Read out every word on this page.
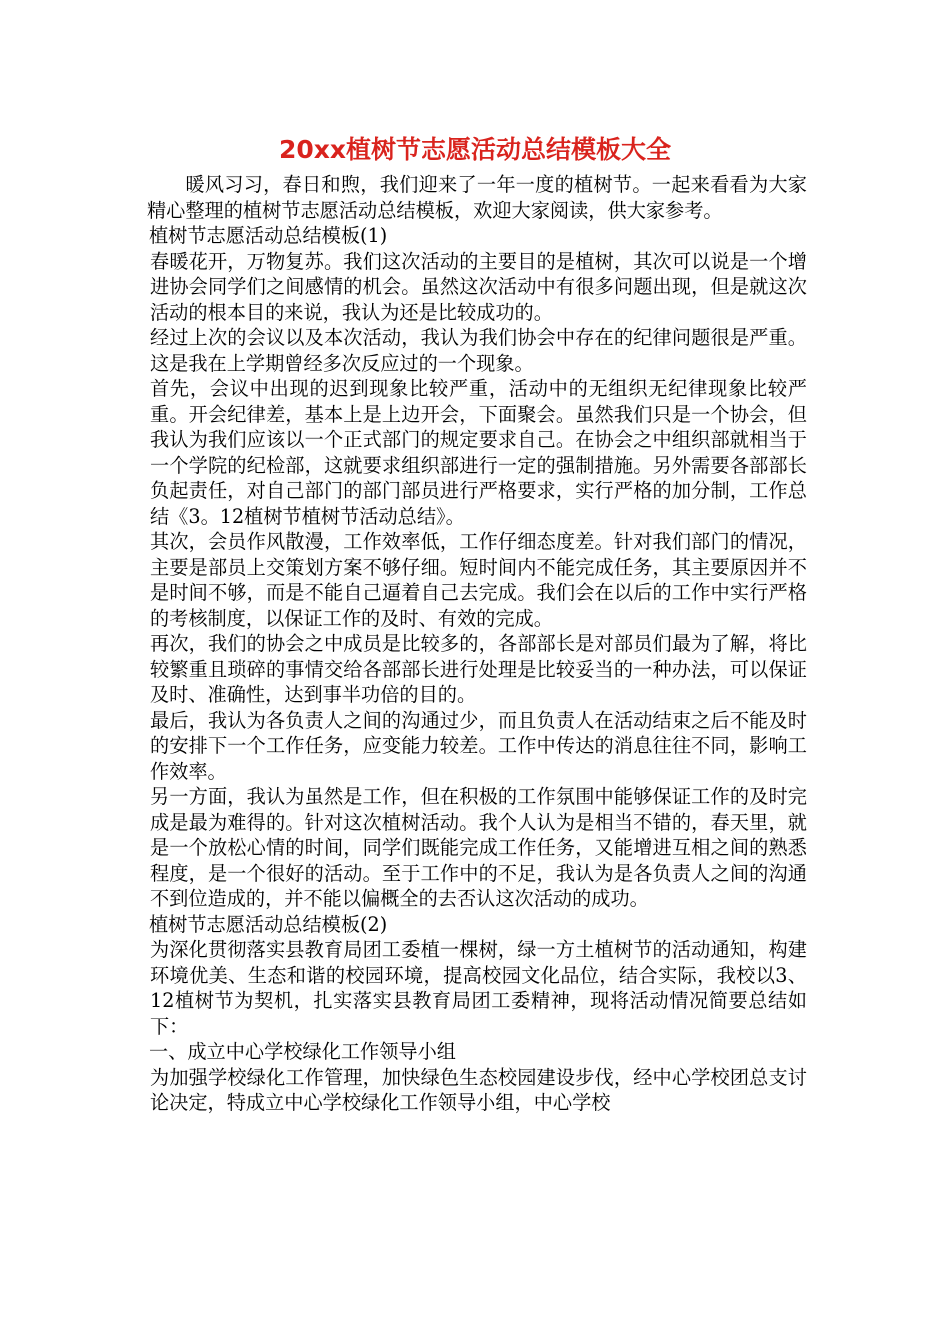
20xx植树节志愿活动总结模板大全

暖风习习，春日和煦，我们迎来了一年一度的植树节。一起来看看为大家精心整理的植树节志愿活动总结模板，欢迎大家阅读，供大家参考。

植树节志愿活动总结模板(1)

春暖花开，万物复苏。我们这次活动的主要目的是植树，其次可以说是一个增进协会同学们之间感情的机会。虽然这次活动中有很多问题出现，但是就这次活动的根本目的来说，我认为还是比较成功的。

经过上次的会议以及本次活动，我认为我们协会中存在的纪律问题很是严重。这是我在上学期曾经多次反应过的一个现象。

首先，会议中出现的迟到现象比较严重，活动中的无组织无纪律现象比较严重。开会纪律差，基本上是上边开会，下面聚会。虽然我们只是一个协会，但我认为我们应该以一个正式部门的规定要求自己。在协会之中组织部就相当于一个学院的纪检部，这就要求组织部进行一定的强制措施。另外需要各部部长负起责任，对自己部门的部门部员进行严格要求，实行严格的加分制，工作总结《3。12植树节植树节活动总结》。

其次，会员作风散漫，工作效率低，工作仔细态度差。针对我们部门的情况，主要是部员上交策划方案不够仔细。短时间内不能完成任务，其主要原因并不是时间不够，而是不能自己逼着自己去完成。我们会在以后的工作中实行严格的考核制度，以保证工作的及时、有效的完成。

再次，我们的协会之中成员是比较多的，各部部长是对部员们最为了解，将比较繁重且琐碎的事情交给各部部长进行处理是比较妥当的一种办法，可以保证及时、准确性，达到事半功倍的目的。

最后，我认为各负责人之间的沟通过少，而且负责人在活动结束之后不能及时的安排下一个工作任务，应变能力较差。工作中传达的消息往往不同，影响工作效率。

另一方面，我认为虽然是工作，但在积极的工作氛围中能够保证工作的及时完成是最为难得的。针对这次植树活动。我个人认为是相当不错的，春天里，就是一个放松心情的时间，同学们既能完成工作任务，又能增进互相之间的熟悉程度，是一个很好的活动。至于工作中的不足，我认为是各负责人之间的沟通不到位造成的，并不能以偏概全的去否认这次活动的成功。

植树节志愿活动总结模板(2)

为深化贯彻落实县教育局团工委植一棵树，绿一方土植树节的活动通知，构建环境优美、生态和谐的校园环境，提高校园文化品位，结合实际，我校以3、12植树节为契机，扎实落实县教育局团工委精神，现将活动情况简要总结如下：

一、成立中心学校绿化工作领导小组

为加强学校绿化工作管理，加快绿色生态校园建设步伐，经中心学校团总支讨论决定，特成立中心学校绿化工作领导小组，中心学校
